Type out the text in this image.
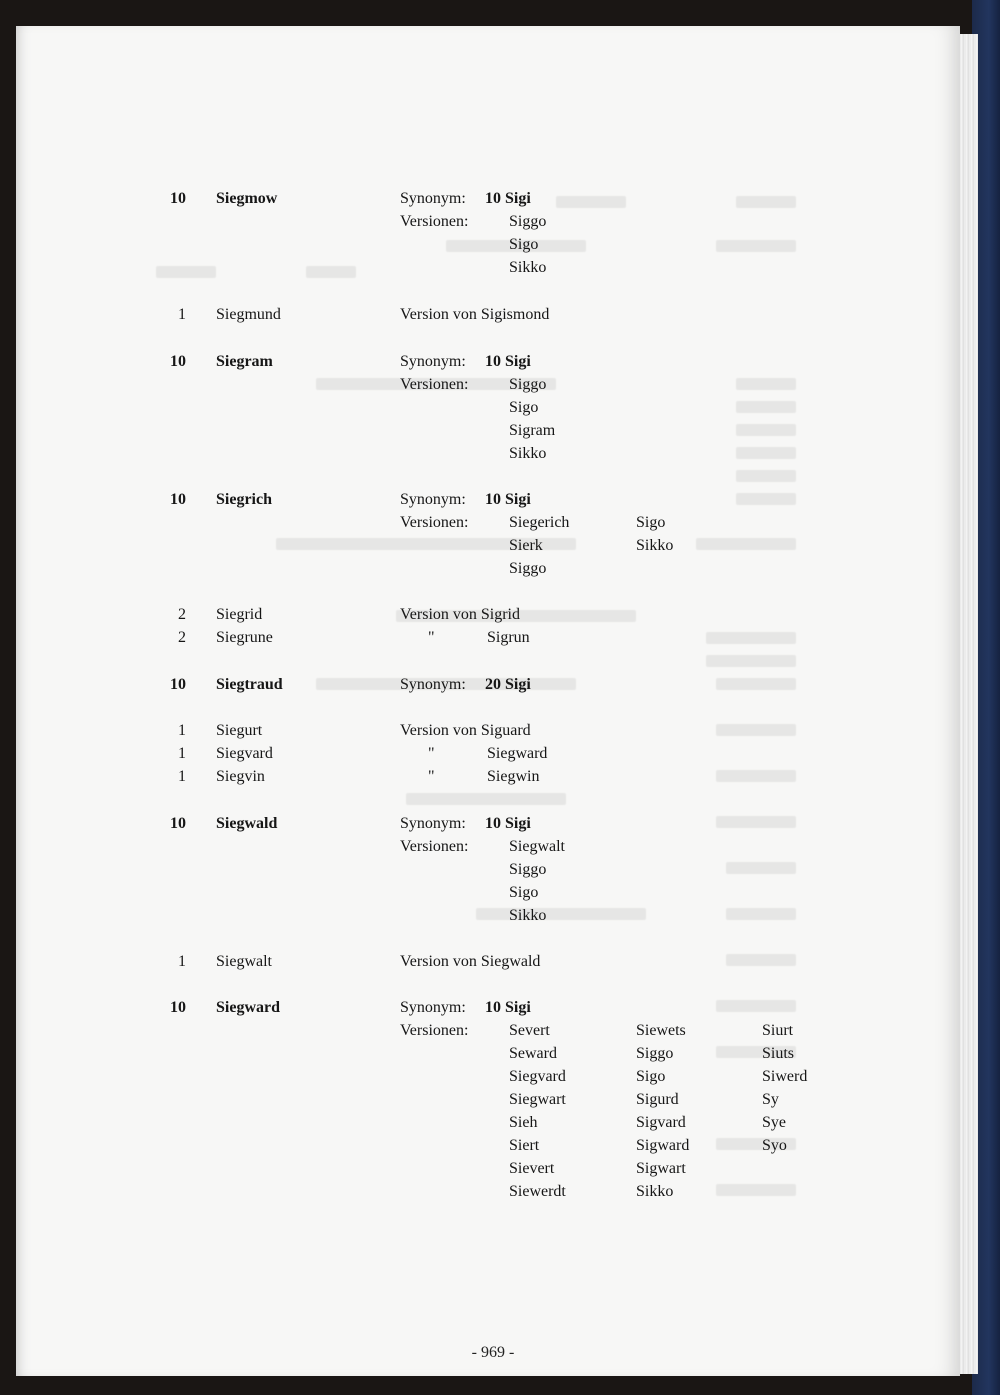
10 Siegmow	Synonym: 10 Sigi
Versionen:	Siggo
Sigo
Sikko
1 Siegmund	Version von Sigismond
10 Siegram	Synonym: 10 Sigi
Versionen:	Siggo
Sigo
Sigram
Sikko
10 Siegrich	Synonym: 10 Sigi
Versionen:	Siegerich	Sigo
Sierk	Sikko
Siggo
2 Siegrid	Version von Sigrid
2 Siegrune	"	Sigrun
10 Siegtraud	Synonym: 20 Sigi
1 Siegurt	Version von Siguard
1 Siegvard	"	Siegward
1 Siegvin	"	Siegwin
10 Siegwald	Synonym: 10 Sigi
Versionen:	Siegwalt
Siggo
Sigo
Sikko
1 Siegwalt	Version von Siegwald
10 Siegward	Synonym: 10 Sigi
Versionen:	Severt	Siewets	Siurt
Seward	Siggo	Siuts
Siegvard	Sigo	Siwerd
Siegwart	Sigurd	Sy
Sieh	Sigvard	Sye
Siert	Sigward	Syo
Sievert	Sigwart
Siewerdt	Sikko
- 969 -
